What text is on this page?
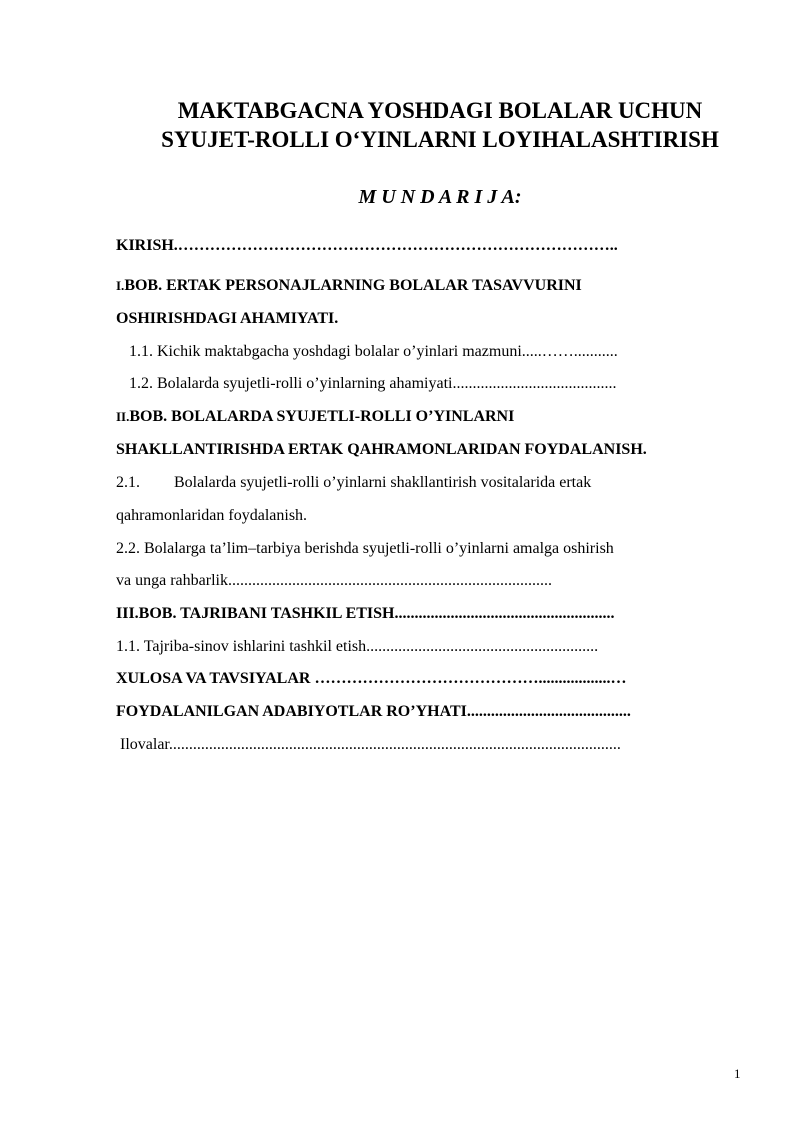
MAKTABGACNA YOSHDAGI BOLALAR UCHUN
SYUJET-ROLLI O‘YINLARNI LOYIHALASHTIRISH
M U N D A R I J A:
KIRISH.………………………………………………………………………..
I.BOB. ERTAK PERSONAJLARNING BOLALAR TASAVVURINI
OSHIRISHDAGI AHAMIYATI.
1.1. Kichik maktabgacha yoshdagi bolalar o’yinlari mazmuni.....……...........
1.2. Bolalarda syujetli-rolli o’yinlarning ahamiyati.........................................
II.BOB. BOLALARDA SYUJETLI-ROLLI O’YINLARNI
SHAKLLANTIRISHDA ERTAK QAHRAMONLARIDAN FOYDALANISH.
2.1. Bolalarda syujetli-rolli o’yinlarni shakllantirish vositalarida ertak
qahramonlaridan foydalanish.
2.2. Bolalarga ta’lim–tarbiya berishda syujetli-rolli o’yinlarni amalga oshirish
va unga rahbarlik.................................................................................
III.BOB. TAJRIBANI TASHKIL ETISH.......................................................
1.1. Tajriba-sinov ishlarini tashkil etish..........................................................
XULOSA VA TAVSIYALAR ……………………………………..................…
FOYDALANILGAN ADABIYOTLAR RO’YHATI.........................................
Ilovalar.................................................................................................................
1
